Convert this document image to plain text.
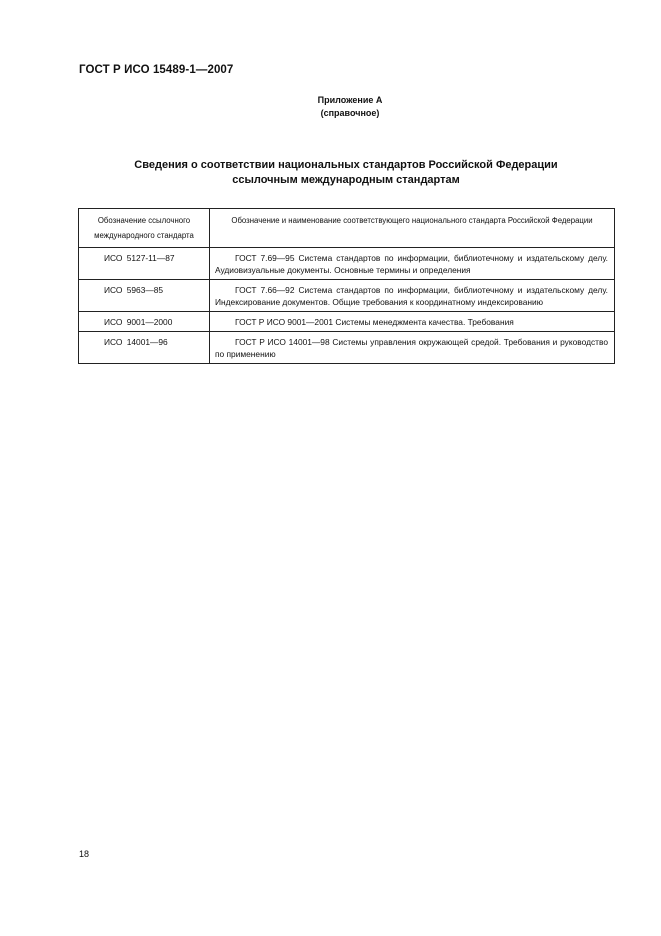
ГОСТ Р ИСО 15489-1—2007
Приложение А
(справочное)
Сведения о соответствии национальных стандартов Российской Федерации
ссылочным международным стандартам
Обозначение ссылочного международного стандарта	Обозначение и наименование соответствующего национального стандарта Российской Федерации
ИСО 5127-11—87	ГОСТ 7.69—95 Система стандартов по информации, библиотечному и издательскому делу. Аудиовизуальные документы. Основные термины и определения

ИСО 5963—85	ГОСТ 7.66—92 Система стандартов по информации, библиотечному и издательскому делу. Индексирование документов. Общие требования к координатному индексированию

ИСО 9001—2000	ГОСТ Р ИСО 9001—2001 Системы менеджмента качества. Требования

ИСО 14001—96	ГОСТ Р ИСО 14001—98 Системы управления окружающей средой. Требования и руководство по применению
18
